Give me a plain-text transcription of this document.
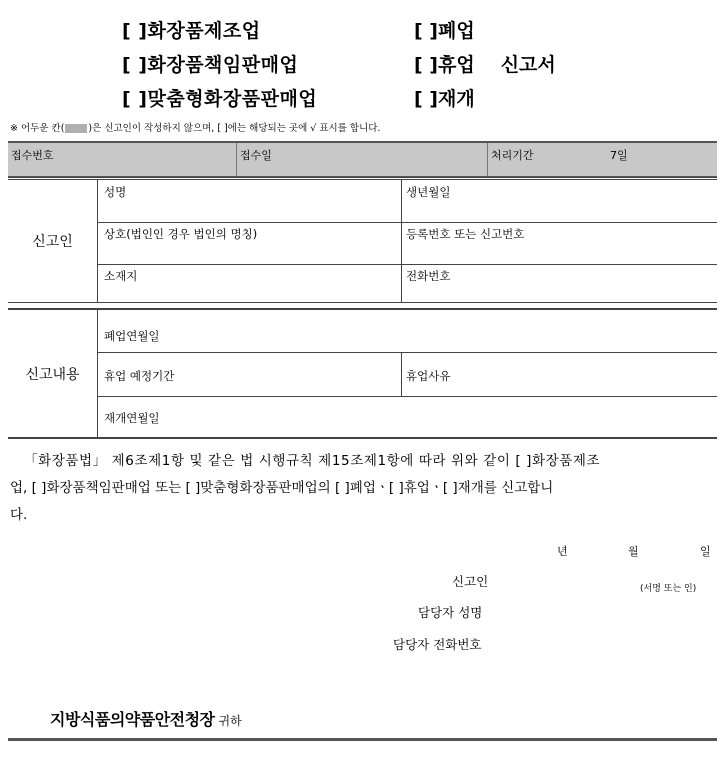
[ ]화장품제조업	[ ]폐업
[ ]화장품책임판매업	[ ]휴업 신고서
[ ]맞춤형화장품판매업	[ ]재개
※ 어두운 칸(	)은 신고인이 작성하지 않으며, [ ]에는 해당되는 곳에 √ 표시를 합니다.
접수번호	접수일	처리기간	7일
신고인
성명	생년월일
상호(법인인 경우 법인의 명칭)	등록번호 또는 신고번호
소재지	전화번호
신고내용
폐업연월일
휴업 예정기간	휴업사유
재개연월일
「화장품법」 제6조제1항 및 같은 법 시행규칙 제15조제1항에 따라 위와 같이 [ ]화장품제조
업, [ ]화장품책임판매업 또는 [ ]맞춤형화장품판매업의 [ ]폐업ㆍ[ ]휴업ㆍ[ ]재개를 신고합니
다.
년	월	일
신고인	(서명 또는 인)
담당자 성명
담당자 전화번호
지방식품의약품안전청장 귀하
